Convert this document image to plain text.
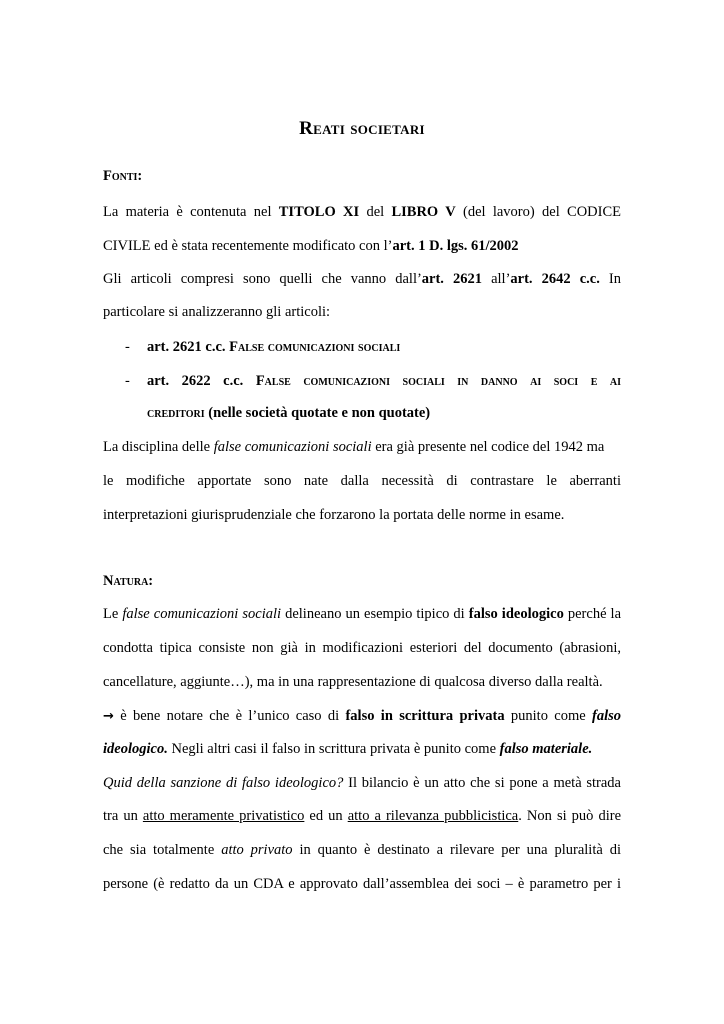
Reati societari
Fonti:
La materia è contenuta nel TITOLO XI del LIBRO V (del lavoro) del CODICE
CIVILE ed è stata recentemente modificato con l’art. 1 D. lgs. 61/2002
Gli articoli compresi sono quelli che vanno dall’art. 2621 all’art. 2642 c.c. In
particolare si analizzeranno gli articoli:
- art. 2621 c.c. False comunicazioni sociali
- art. 2622 c.c. False comunicazioni sociali in danno ai soci e ai
creditori (nelle società quotate e non quotate)
La disciplina delle false comunicazioni sociali era già presente nel codice del 1942 ma
le modifiche apportate sono nate dalla necessità di contrastare le aberranti
interpretazioni giurisprudenziale che forzarono la portata delle norme in esame.
Natura:
Le false comunicazioni sociali delineano un esempio tipico di falso ideologico perché la
condotta tipica consiste non già in modificazioni esteriori del documento (abrasioni,
cancellature, aggiunte…), ma in una rappresentazione di qualcosa diverso dalla realtà.
→ è bene notare che è l’unico caso di falso in scrittura privata punito come falso
ideologico. Negli altri casi il falso in scrittura privata è punito come falso materiale.
Quid della sanzione di falso ideologico? Il bilancio è un atto che si pone a metà strada
tra un atto meramente privatistico ed un atto a rilevanza pubblicistica. Non si può dire
che sia totalmente atto privato in quanto è destinato a rilevare per una pluralità di
persone (è redatto da un CDA e approvato dall’assemblea dei soci – è parametro per i
